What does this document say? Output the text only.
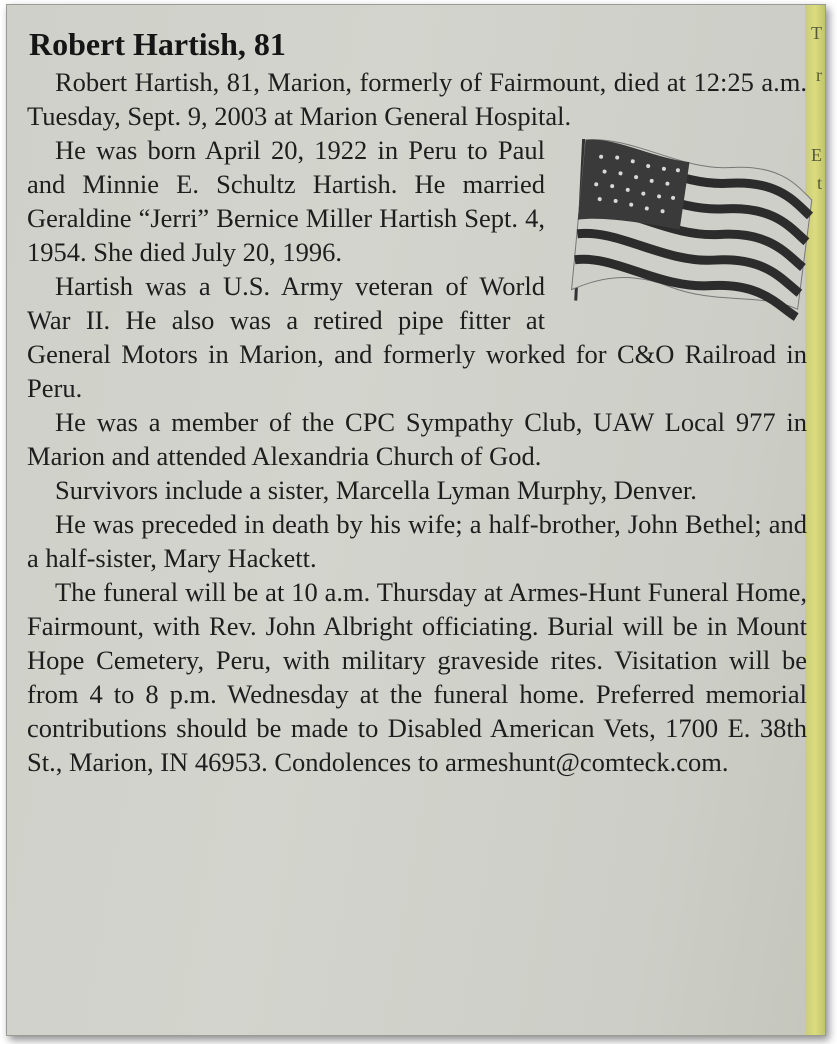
T
r
E
t
Robert Hartish, 81

Robert Hartish, 81, Marion, formerly of Fairmount, died at 12:25 a.m. Tuesday, Sept. 9, 2003 at Marion General Hospital.

He was born April 20, 1922 in Peru to Paul and Minnie E. Schultz Hartish. He married Geraldine “Jerri” Bernice Miller Hartish Sept. 4, 1954. She died July 20, 1996.

Hartish was a U.S. Army veteran of World War II. He also was a retired pipe fitter at General Motors in Marion, and formerly worked for C&O Railroad in Peru.

He was a member of the CPC Sympathy Club, UAW Local 977 in Marion and attended Alexandria Church of God.

Survivors include a sister, Marcella Lyman Murphy, Denver.

He was preceded in death by his wife; a half-brother, John Bethel; and a half-sister, Mary Hackett.

The funeral will be at 10 a.m. Thursday at Armes-Hunt Funeral Home, Fairmount, with Rev. John Albright officiating. Burial will be in Mount Hope Cemetery, Peru, with military graveside rites. Visitation will be from 4 to 8 p.m. Wednesday at the funeral home. Preferred memorial contributions should be made to Disabled American Vets, 1700 E. 38th St., Marion, IN 46953. Condolences to armeshunt@comteck.com.
